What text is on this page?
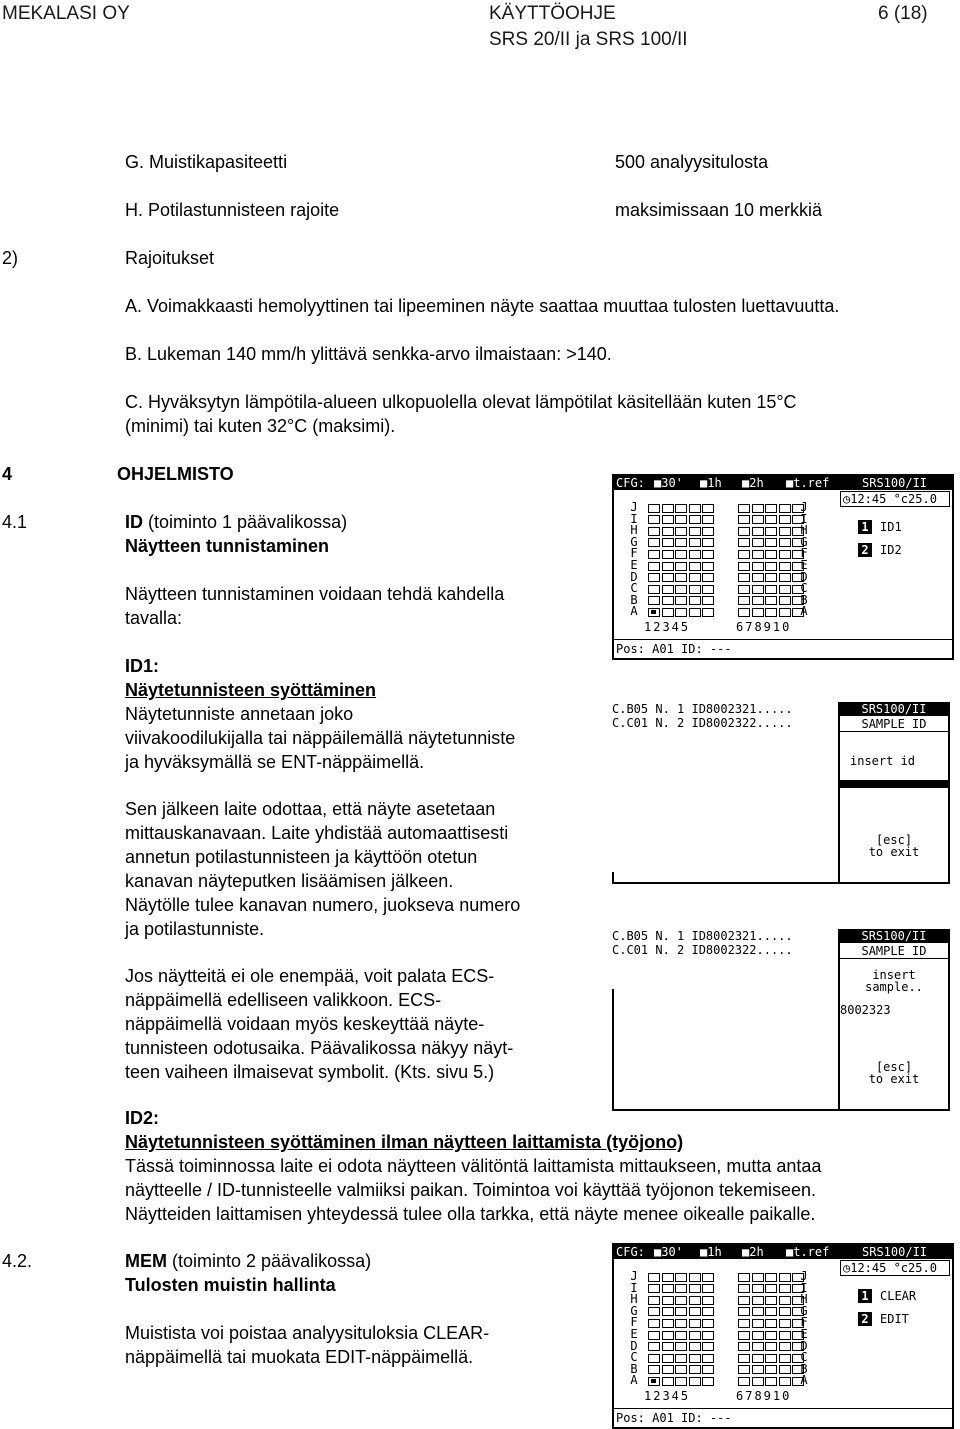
MEKALASI OY	KÄYTTÖOHJE
SRS 20/II ja SRS 100/II
6 (18)
G. Muistikapasiteetti	500 analyysitulosta
H. Potilastunnisteen rajoite	maksimissaan 10 merkkiä
2)	Rajoitukset
A. Voimakkaasti hemolyyttinen tai lipeeminen näyte saattaa muuttaa tulosten luettavuutta.
B. Lukeman 140 mm/h ylittävä senkka-arvo ilmaistaan: >140.
C. Hyväksytyn lämpötila-alueen ulkopuolella olevat lämpötilat käsitellään kuten 15°C
(minimi) tai kuten 32°C (maksimi).
4	OHJELMISTO
4.1	ID (toiminto 1 päävalikossa)
Näytteen tunnistaminen
Näytteen tunnistaminen voidaan tehdä kahdella
tavalla:
ID1:
Näytetunnisteen syöttäminen
Näytetunniste annetaan joko
viivakoodilukijalla tai näppäilemällä näytetunniste
ja hyväksymällä se ENT-näppäimellä.
Sen jälkeen laite odottaa, että näyte asetetaan
mittauskanavaan. Laite yhdistää automaattisesti
annetun potilastunnisteen ja käyttöön otetun
kanavan näyteputken lisäämisen jälkeen.
Näytölle tulee kanavan numero, juokseva numero
ja potilastunniste.
Jos näytteitä ei ole enempää, voit palata ECS-
näppäimellä edelliseen valikkoon. ECS-
näppäimellä voidaan myös keskeyttää näyte-
tunnisteen odotusaika. Päävalikossa näkyy näyt-
teen vaiheen ilmaisevat symbolit. (Kts. sivu 5.)
ID2:
Näytetunnisteen syöttäminen ilman näytteen laittamista (työjono)
Tässä toiminnossa laite ei odota näytteen välitöntä laittamista mittaukseen, mutta antaa
näytteelle / ID-tunnisteelle valmiiksi paikan. Toimintoa voi käyttää työjonon tekemiseen.
Näytteiden laittamisen yhteydessä tulee olla tarkka, että näyte menee oikealle paikalle.
4.2.	MEM (toiminto 2 päävalikossa)
Tulosten muistin hallinta
Muistista voi poistaa analyysituloksia CLEAR-
näppäimellä tai muokata EDIT-näppäimellä.
CFG: ■30' ■1h ■2h ■t.ref	SRS100/II
◷12:45 °c25.0
12345	678910
1 ID1
2 ID2
Pos: A01 ID: ---
J	J
I	I
H	H
G	G
F	F
E	E
D	D
C	C
B	B
A	A
C.B05 N. 1 ID8002321.....
C.C01 N. 2 ID8002322.....
SRS100/II
SAMPLE ID
insert id
[esc]
to exit
C.B05 N. 1 ID8002321.....
C.C01 N. 2 ID8002322.....
SRS100/II
SAMPLE ID
insert
sample..
8002323
[esc]
to exit
CFG: ■30' ■1h ■2h ■t.ref	SRS100/II
◷12:45 °c25.0
12345	678910
1 CLEAR
2 EDIT
Pos: A01 ID: ---
J	J
I	I
H	H
G	G
F	F
E	E
D	D
C	C
B	B
A	A
